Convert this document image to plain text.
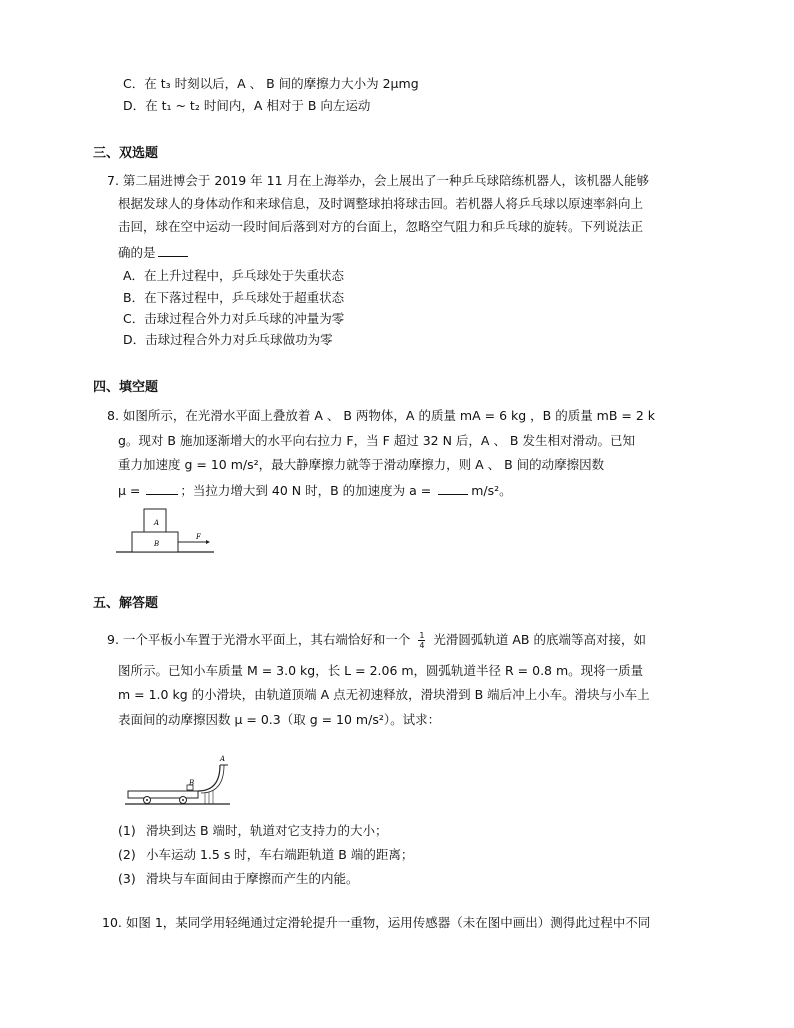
C．在 t₃ 时刻以后，A 、 B 间的摩擦力大小为 2μmg
D．在 t₁ ~ t₂ 时间内，A 相对于 B 向左运动
三、双选题
7. 第二届进博会于 2019 年 11 月在上海举办，会上展出了一种乒乓球陪练机器人，该机器人能够
根据发球人的身体动作和来球信息，及时调整球拍将球击回。若机器人将乒乓球以原速率斜向上
击回，球在空中运动一段时间后落到对方的台面上，忽略空气阻力和乒乓球的旋转。下列说法正
确的是
A．在上升过程中，乒乓球处于失重状态
B．在下落过程中，乒乓球处于超重状态
C．击球过程合外力对乒乓球的冲量为零
D．击球过程合外力对乒乓球做功为零
四、填空题
8. 如图所示，在光滑水平面上叠放着 A 、 B 两物体，A 的质量 mA = 6 kg ，B 的质量 mB = 2 k
g。现对 B 施加逐渐增大的水平向右拉力 F，当 F 超过 32 N 后，A 、 B 发生相对滑动。已知
重力加速度 g = 10 m/s²，最大静摩擦力就等于滑动摩擦力，则 A 、 B 间的动摩擦因数
μ =	；当拉力增大到 40 N 时，B 的加速度为 a =	m/s²。
A
B
F
五、解答题
9. 一个平板小车置于光滑水平面上，其右端恰好和一个 $\frac{1}{4}$ 光滑圆弧轨道 AB 的底端等高对接，如
图所示。已知小车质量 M = 3.0 kg，长 L = 2.06 m，圆弧轨道半径 R = 0.8 m。现将一质量
m = 1.0 kg 的小滑块，由轨道顶端 A 点无初速释放，滑块滑到 B 端后冲上小车。滑块与小车上
表面间的动摩擦因数 μ = 0.3（取 g = 10 m/s²）。试求：
A
B
(1) 滑块到达 B 端时，轨道对它支持力的大小；
(2) 小车运动 1.5 s 时，车右端距轨道 B 端的距离；
(3) 滑块与车面间由于摩擦而产生的内能。
10. 如图 1，某同学用轻绳通过定滑轮提升一重物，运用传感器（未在图中画出）测得此过程中不同
